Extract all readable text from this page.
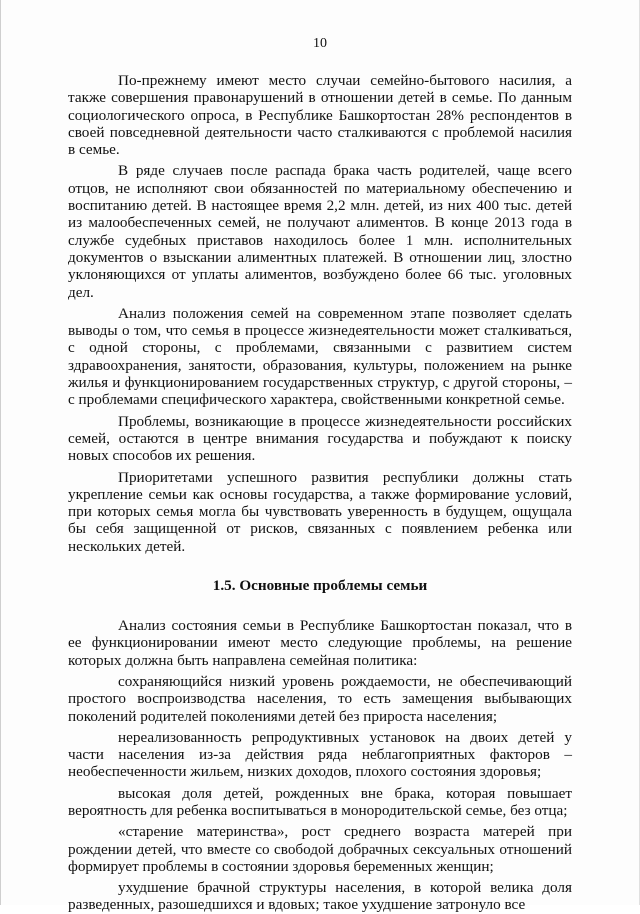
10

По-прежнему имеют место случаи семейно-бытового насилия, а также совершения правонарушений в отношении детей в семье. По данным социологического опроса, в Республике Башкортостан 28% респондентов в своей повседневной деятельности часто сталкиваются с проблемой насилия в семье.

В ряде случаев после распада брака часть родителей, чаще всего отцов, не исполняют свои обязанностей по материальному обеспечению и воспитанию детей. В настоящее время 2,2 млн. детей, из них 400 тыс. детей из малообеспеченных семей, не получают алиментов. В конце 2013 года в службе судебных приставов находилось более 1 млн. исполнительных документов о взыскании алиментных платежей. В отношении лиц, злостно уклоняющихся от уплаты алиментов, возбуждено более 66 тыс. уголовных дел.

Анализ положения семей на современном этапе позволяет сделать выводы о том, что семья в процессе жизнедеятельности может сталкиваться, с одной стороны, с проблемами, связанными с развитием систем здравоохранения, занятости, образования, культуры, положением на рынке жилья и функционированием государственных структур, с другой стороны, – с проблемами специфического характера, свойственными конкретной семье.

Проблемы, возникающие в процессе жизнедеятельности российских семей, остаются в центре внимания государства и побуждают к поиску новых способов их решения.

Приоритетами успешного развития республики должны стать укрепление семьи как основы государства, а также формирование условий, при которых семья могла бы чувствовать уверенность в будущем, ощущала бы себя защищенной от рисков, связанных с появлением ребенка или нескольких детей.

1.5. Основные проблемы семьи

Анализ состояния семьи в Республике Башкортостан показал, что в ее функционировании имеют место следующие проблемы, на решение которых должна быть направлена семейная политика:

сохраняющийся низкий уровень рождаемости, не обеспечивающий простого воспроизводства населения, то есть замещения выбывающих поколений родителей поколениями детей без прироста населения;

нереализованность репродуктивных установок на двоих детей у части населения из-за действия ряда неблагоприятных факторов – необеспеченности жильем, низких доходов, плохого состояния здоровья;

высокая доля детей, рожденных вне брака, которая повышает вероятность для ребенка воспитываться в монородительской семье, без отца;

«старение материнства», рост среднего возраста матерей при рождении детей, что вместе со свободой добрачных сексуальных отношений формирует проблемы в состоянии здоровья беременных женщин;

ухудшение брачной структуры населения, в которой велика доля разведенных, разошедшихся и вдовых; такое ухудшение затронуло все
